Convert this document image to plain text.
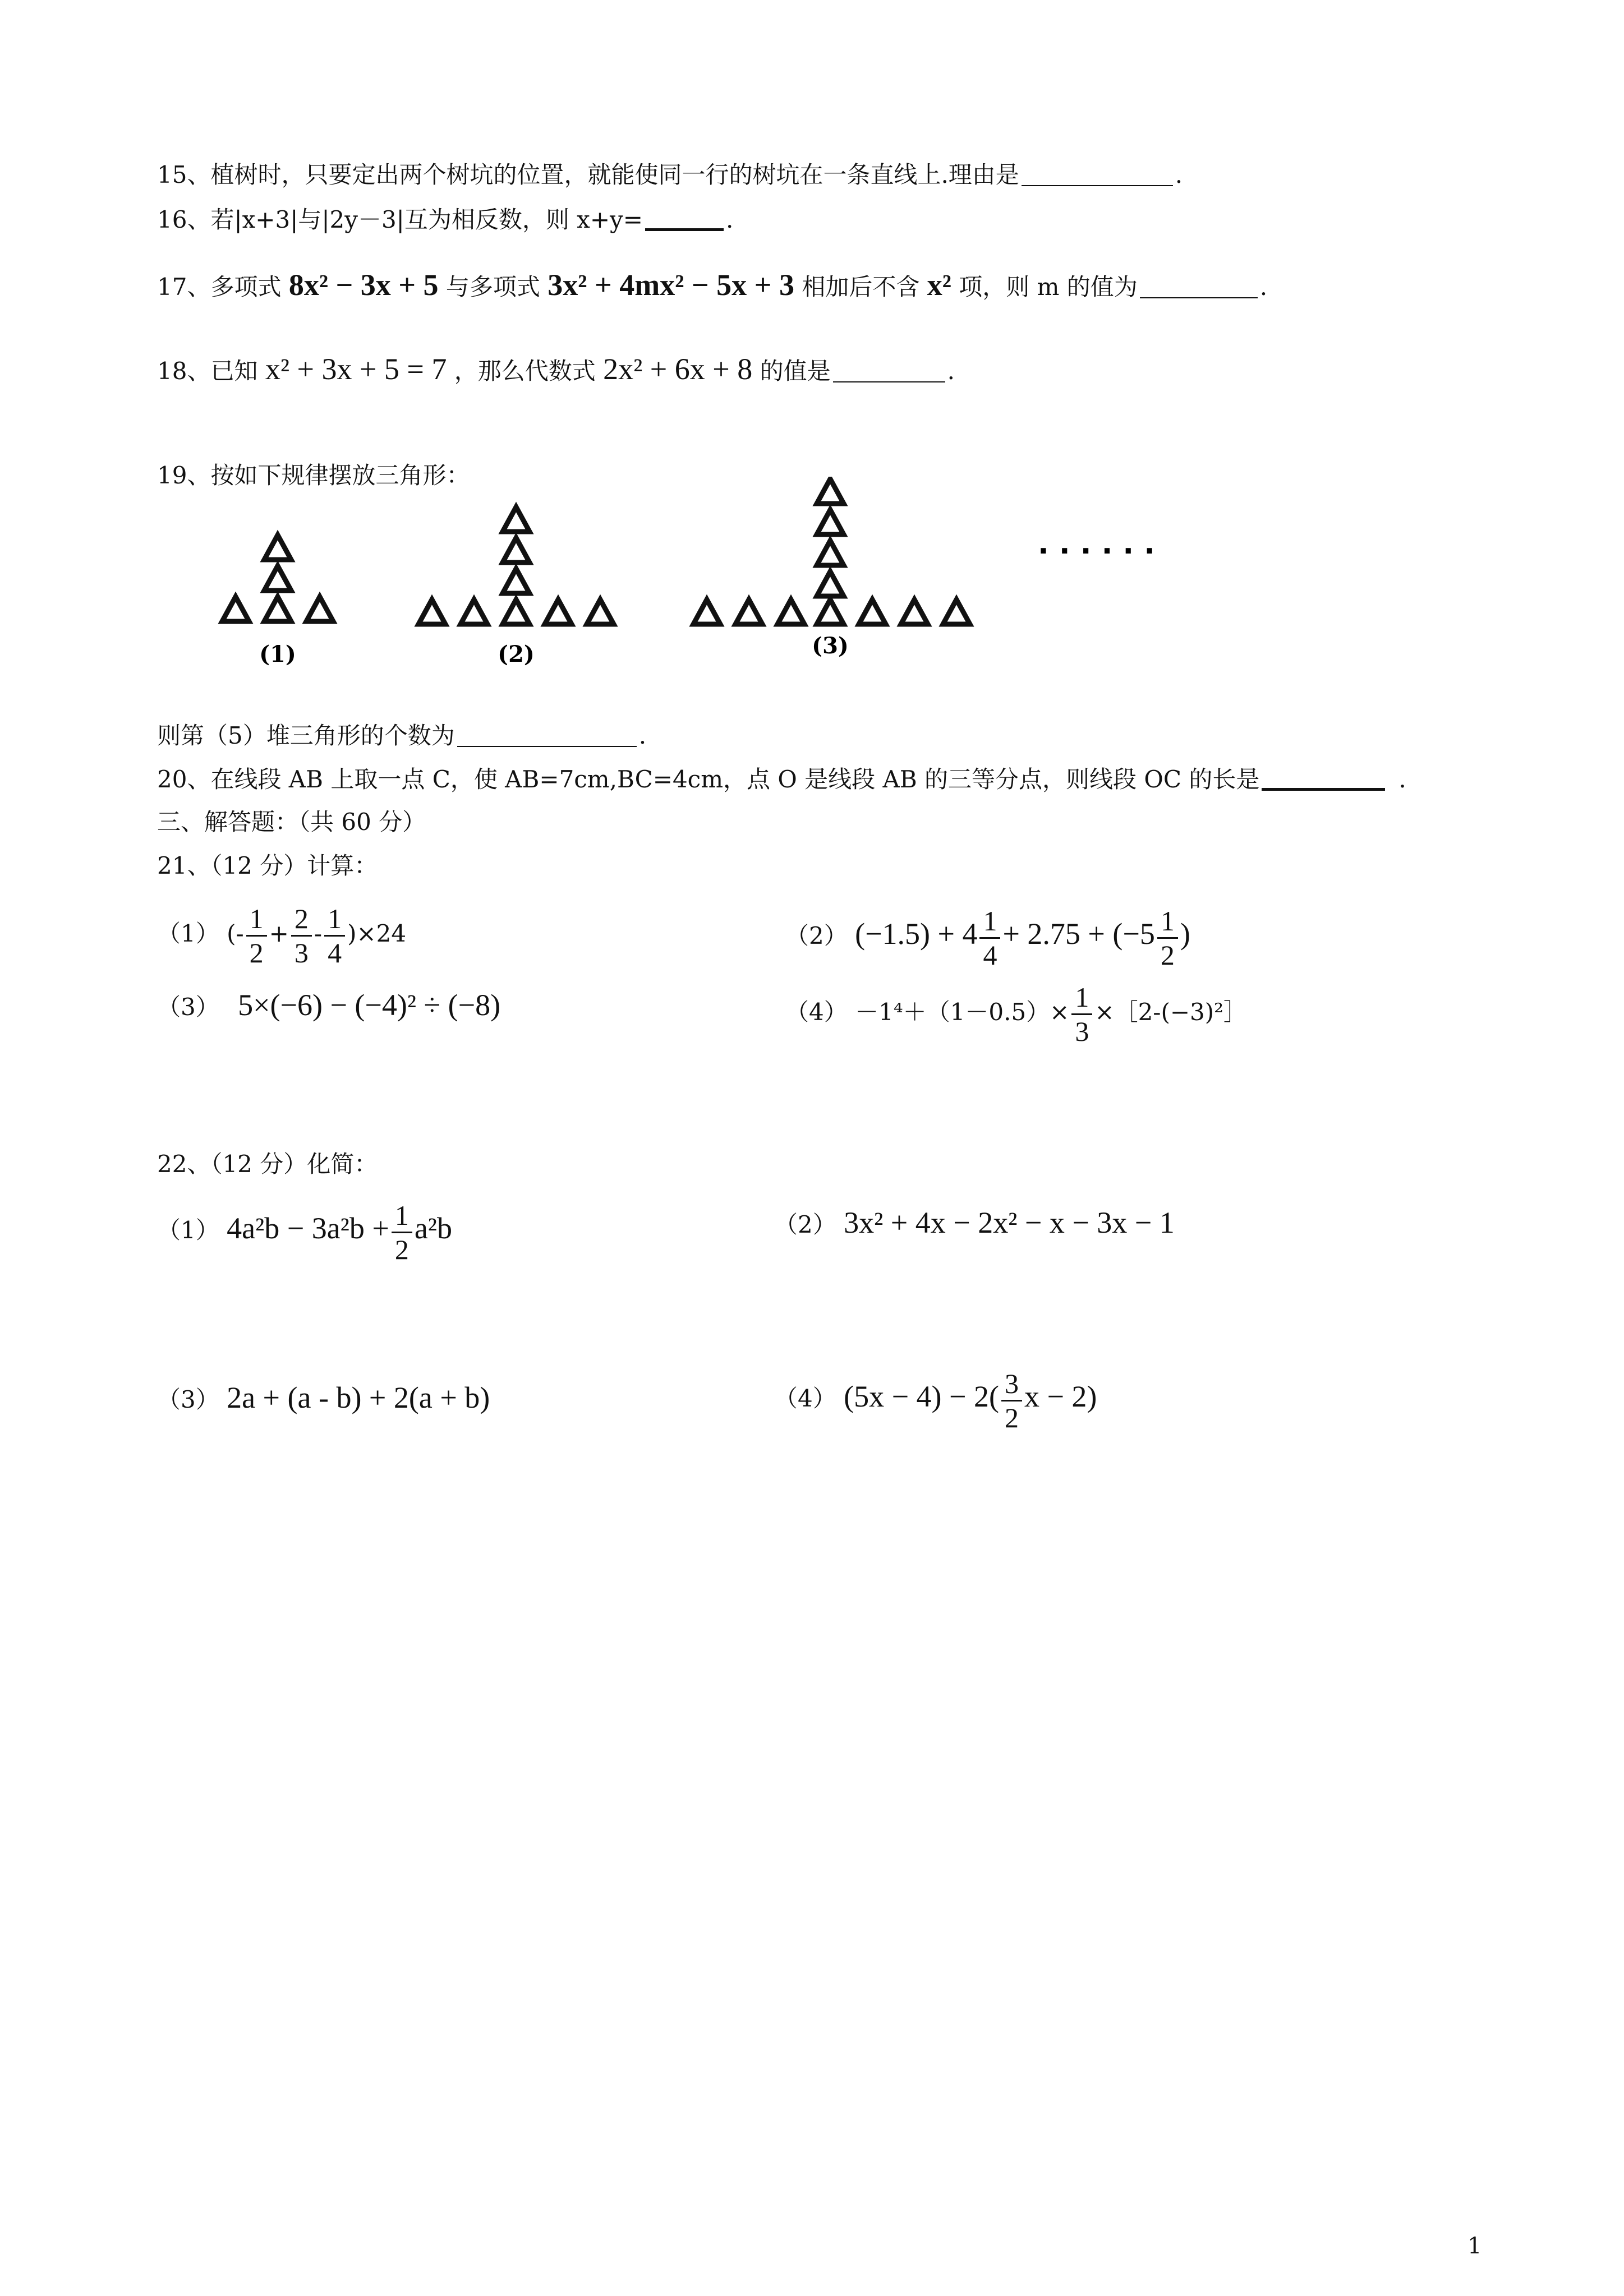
15、植树时，只要定出两个树坑的位置，就能使同一行的树坑在一条直线上.理由是	.
16、若|x+3|与|2y－3|互为相反数，则 x+y=	.
17、多项式 8x² − 3x + 5 与多项式 3x² + 4mx² − 5x + 3 相加后不含 x² 项，则 m 的值为	.
18、已知 x² + 3x + 5 = 7 ，那么代数式 2x² + 6x + 8 的值是	.
19、按如下规律摆放三角形：
(1)	(2)	(3)
· · · · · ·
则第（5）堆三角形的个数为	.
20、在线段 AB 上取一点 C，使 AB=7cm,BC=4cm，点 O 是线段 AB 的三等分点，则线段 OC 的长是	.
三、解答题：（共 60 分）
21、（12 分）计算：
（1） (- $\frac{1}{2} + \frac{2}{3} - \frac{1}{4} )\times 24$	（2） $(-1.5) + 4 \frac{1}{4} + 2.75 + (-5 \frac{1}{2}$ )
（3） 5×(−6) − (−4)² ÷ (−8)	$(4) -1^4+(1-0.5)\times \frac{1}{3}$ ×［2-(−3)²］
22、（12 分）化简：
（1） $4a^2b - 3a^2b + \frac{1}{2} a^2b$	（2） 3x² + 4x − 2x² − x − 3x − 1
（3） 2a + (a - b) + 2(a + b)	（4） $(5x - 4) - 2( \frac{3}{2}$ x − 2)
1
